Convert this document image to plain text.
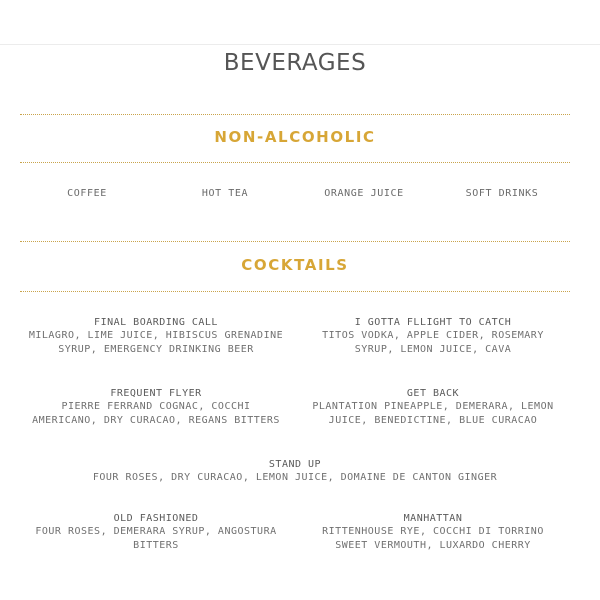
BEVERAGES
NON-ALCOHOLIC
COFFEE	HOT TEA	ORANGE JUICE	SOFT DRINKS
COCKTAILS
FINAL BOARDING CALL
MILAGRO, LIME JUICE, HIBISCUS GRENADINE SYRUP, EMERGENCY DRINKING BEER
I GOTTA FLLIGHT TO CATCH
TITOS VODKA, APPLE CIDER, ROSEMARY SYRUP, LEMON JUICE, CAVA
FREQUENT FLYER
PIERRE FERRAND COGNAC, COCCHI AMERICANO, DRY CURACAO, REGANS BITTERS
GET BACK
PLANTATION PINEAPPLE, DEMERARA, LEMON JUICE, BENEDICTINE, BLUE CURACAO
STAND UP
FOUR ROSES, DRY CURACAO, LEMON JUICE, DOMAINE DE CANTON GINGER
OLD FASHIONED
FOUR ROSES, DEMERARA SYRUP, ANGOSTURA BITTERS
MANHATTAN
RITTENHOUSE RYE, COCCHI DI TORRINO SWEET VERMOUTH, LUXARDO CHERRY
